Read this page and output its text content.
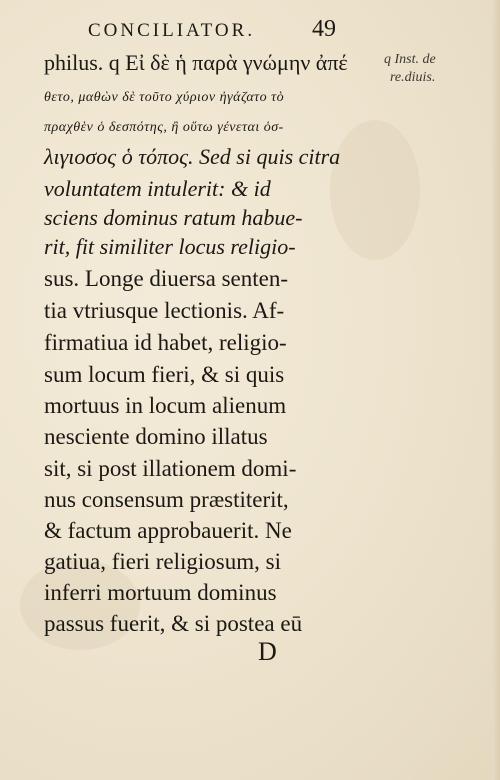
CONCILIATOR. 49
q Inst. de
re.diuis.
philus. q Εἰ δὲ ἡ παρὰ γνώμην ἀπέ
θετο, μαθὼν δὲ τοῦτο χύριον ἠγάζατο τὸ
πραχθὲν ὁ δεσπότης, ἢ οὕτω γένεται ὁσ-
λιγιοσος ὁ τόπος. Sed si quis citra
voluntatem intulerit: & id
sciens dominus ratum habue-
rit, fit similiter locus religio-
sus. Longe diuersa senten-
tia vtriusque lectionis. Af-
firmatiua id habet, religio-
sum locum fieri, & si quis
mortuus in locum alienum
nesciente domino illatus
sit, si post illationem domi-
nus consensum præstiterit,
& factum approbauerit. Ne
gatiua, fieri religiosum, si
inferri mortuum dominus
passus fuerit, & si postea eū
D
